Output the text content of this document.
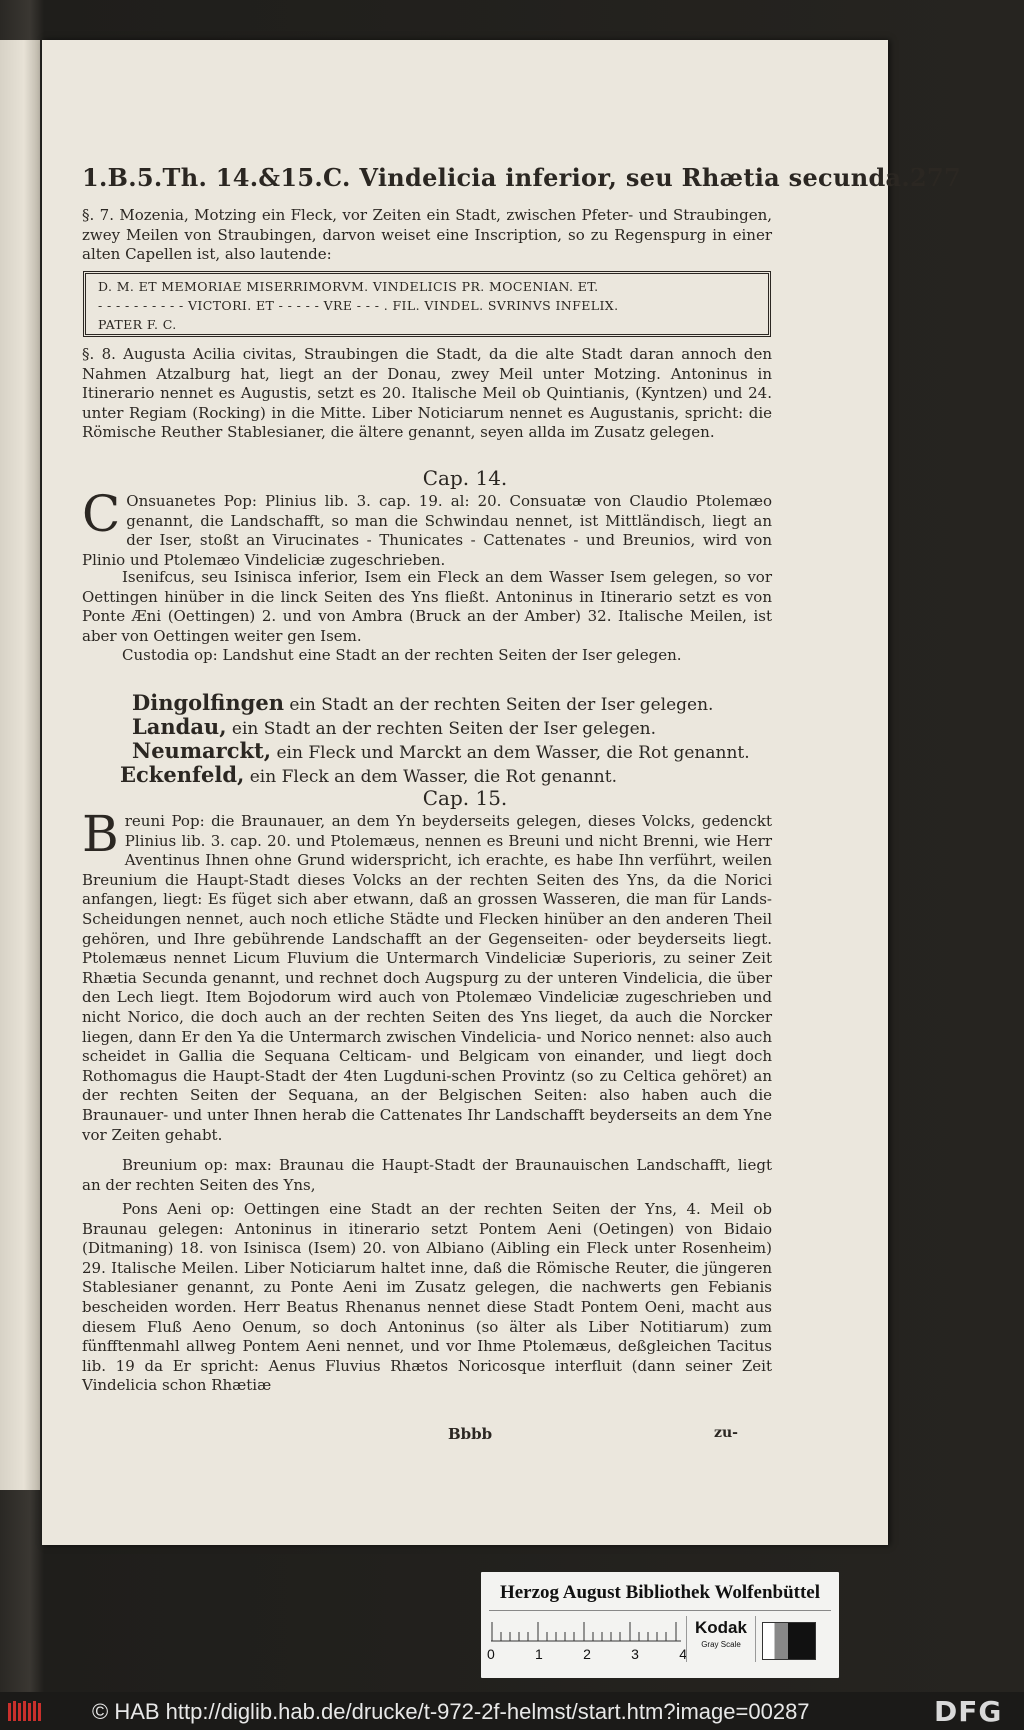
1.B.5.Th. 14.&15.C. Vindelicia inferior, seu Rhætia secunda. 277
§. 7. Mozenia, Motzing ein Fleck, vor Zeiten ein Stadt, zwischen Pfeter- und Straubingen, zwey Meilen von Straubingen, darvon weiset eine Inscription, so zu Regenspurg in einer alten Capellen ist, also lautende:
D. M. ET MEMORIAE MISERRIMORVM. VINDELICIS PR. MOCENIAN. ET.
- - - - - - - - - - VICTORI. ET - - - - - VRE - - - . FIL. VINDEL. SVRINVS INFELIX.
PATER F. C.
§. 8. Augusta Acilia civitas, Straubingen die Stadt, da die alte Stadt daran annoch den Nahmen Atzalburg hat, liegt an der Donau, zwey Meil unter Motzing. Antoninus in Itinerario nennet es Augustis, setzt es 20. Italische Meil ob Quintianis, (Kyntzen) und 24. unter Regiam (Rocking) in die Mitte. Liber Noticiarum nennet es Augustanis, spricht: die Römische Reuther Stablesianer, die ältere genannt, seyen allda im Zusatz gelegen.
Cap. 14.
C Onsuanetes Pop: Plinius lib. 3. cap. 19. al: 20. Consuatæ von Claudio Ptolemæo genannt, die Landschafft, so man die Schwindau nennet, ist Mittländisch, liegt an der Iser, stoßt an Virucinates - Thunicates - Cattenates - und Breunios, wird von Plinio und Ptolemæo Vindeliciæ zugeschrieben.
Isenifcus, seu Isinisca inferior, Isem ein Fleck an dem Wasser Isem gelegen, so vor Oettingen hinüber in die linck Seiten des Yns fließt. Antoninus in Itinerario setzt es von Ponte Æni (Oettingen) 2. und von Ambra (Bruck an der Amber) 32. Italische Meilen, ist aber von Oettingen weiter gen Isem.
Custodia op: Landshut eine Stadt an der rechten Seiten der Iser gelegen.
Dingolfingen ein Stadt an der rechten Seiten der Iser gelegen.
Landau, ein Stadt an der rechten Seiten der Iser gelegen.
Neumarckt, ein Fleck und Marckt an dem Wasser, die Rot genannt.
Eckenfeld, ein Fleck an dem Wasser, die Rot genannt.
Cap. 15.
Breuni Pop: die Braunauer, an dem Yn beyderseits gelegen, dieses Volcks, gedenckt Plinius lib. 3. cap. 20. und Ptolemæus, nennen es Breuni und nicht Brenni, wie Herr Aventinus Ihnen ohne Grund widerspricht, ich erachte, es habe Ihn verführt, weilen Breunium die Haupt-Stadt dieses Volcks an der rechten Seiten des Yns, da die Norici anfangen, liegt: Es füget sich aber etwann, daß an grossen Wasseren, die man für Lands-Scheidungen nennet, auch noch etliche Städte und Flecken hinüber an den anderen Theil gehören, und Ihre gebührende Landschafft an der Gegenseiten- oder beyderseits liegt. Ptolemæus nennet Licum Fluvium die Untermarch Vindeliciæ Superioris, zu seiner Zeit Rhætia Secunda genannt, und rechnet doch Augspurg zu der unteren Vindelicia, die über den Lech liegt. Item Bojodorum wird auch von Ptolemæo Vindeliciæ zugeschrieben und nicht Norico, die doch auch an der rechten Seiten des Yns lieget, da auch die Norcker liegen, dann Er den Ya die Untermarch zwischen Vindelicia- und Norico nennet: also auch scheidet in Gallia die Sequana Celticam- und Belgicam von einander, und liegt doch Rothomagus die Haupt-Stadt der 4ten Lugduni-schen Provintz (so zu Celtica gehöret) an der rechten Seiten der Sequana, an der Belgischen Seiten: also haben auch die Braunauer- und unter Ihnen herab die Cattenates Ihr Landschafft beyderseits an dem Yne vor Zeiten gehabt.
Breunium op: max: Braunau die Haupt-Stadt der Braunauischen Landschafft, liegt an der rechten Seiten des Yns,
Pons Aeni op: Oettingen eine Stadt an der rechten Seiten der Yns, 4. Meil ob Braunau gelegen: Antoninus in itinerario setzt Pontem Aeni (Oetingen) von Bidaio (Ditmaning) 18. von Isinisca (Isem) 20. von Albiano (Aibling ein Fleck unter Rosenheim) 29. Italische Meilen. Liber Noticiarum haltet inne, daß die Römische Reuter, die jüngeren Stablesianer genannt, zu Ponte Aeni im Zusatz gelegen, die nachwerts gen Febianis bescheiden worden. Herr Beatus Rhenanus nennet diese Stadt Pontem Oeni, macht aus diesem Fluß Aeno Oenum, so doch Antoninus (so älter als Liber Notitiarum) zum fünfftenmahl allweg Pontem Aeni nennet, und vor Ihme Ptolemæus, deßgleichen Tacitus lib. 19 da Er spricht: Aenus Fluvius Rhætos Noricosque interfluit (dann seiner Zeit Vindelicia schon Rhætiæ
Bbbb	zu-
Herzog August Bibliothek Wolfenbüttel
0	1	2	3	4
Kodak
Gray Scale
© HAB http://diglib.hab.de/drucke/t-972-2f-helmst/start.htm?image=00287	DFG
